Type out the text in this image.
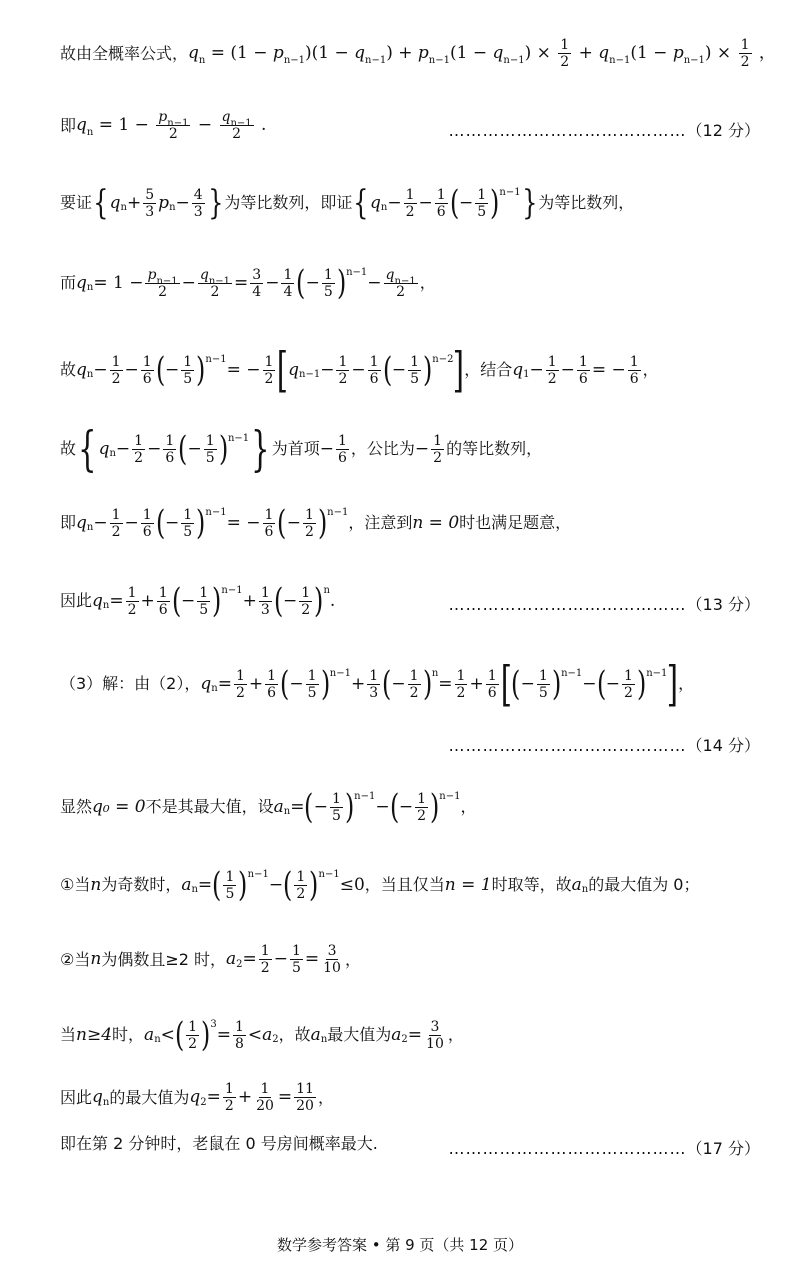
故由全概率公式， $q_n = (1 - p_{n-1})(1 - q_{n-1}) + p_{n-1}(1 - q_{n-1}) \times \frac{1}{2} + q_{n-1}(1 - p_{n-1}) \times \frac{1}{2}$ ，
即 $q_n = 1 - \frac{p_{n-1}}{2} - \frac{q_{n-1}}{2}$ .	……………………………………（12 分）
要证 { $q_n + \frac{5}{3} p_n - \frac{4}{3}$ } 为等比数列，即证 { $q_n - \frac{1}{2} - \frac{1}{6}$ ( − $\frac{1}{5} )^{n-1}$ } 为等比数列，
而 $q_n = 1 - \frac{p_{n-1}}{2} - \frac{q_{n-1}}{2} = \frac{3}{4} - \frac{1}{4}$ ( − $\frac{1}{5} )^{n-1} - \frac{q_{n-1}}{2}$ ，
故 $q_n - \frac{1}{2} - \frac{1}{6}$ ( − $\frac{1}{5} )^{n-1}$ = − $\frac{1}{2}$ [ $q_{n-1} - \frac{1}{2} - \frac{1}{6}$ ( − $\frac{1}{5} )^{n-2}$ ] ，结合 $q_1 - \frac{1}{2} - \frac{1}{6}$ = − $\frac{1}{6}$ ，
故 { $q_n - \frac{1}{2} - \frac{1}{6}$ ( − $\frac{1}{5} )^{n-1}$ } 为首项 − $\frac{1}{6}$ ，公比为 − $\frac{1}{2}$ 的等比数列，
即 $q_n - \frac{1}{2} - \frac{1}{6}$ ( − $\frac{1}{5} )^{n-1}$ = − $\frac{1}{6}$ ( − $\frac{1}{2} )^{n-1}$
，注意到 n = 0 时也满足题意，
因此 $q_n = \frac{1}{2} + \frac{1}{6}$ ( − $\frac{1}{5} )^{n-1} + \frac{1}{3}$ ( − $\frac{1}{2} )^n$ .	……………………………………（13 分）
（3）解：由（2）， $q_n = \frac{1}{2} + \frac{1}{6}$ ( − $\frac{1}{5} )^{n-1} + \frac{1}{3}$ ( − $\frac{1}{2} )^n = \frac{1}{2} + \frac{1}{6}$ [ ( − $\frac{1}{5} )^{n-1}$ − ( − $\frac{1}{2} )^{n-1}$ ] ，
……………………………………（14 分）
显然 q₀ = 0 不是其最大值，设 $a_n$ = ( − $\frac{1}{5} )^{n-1}$ − ( − $\frac{1}{2} )^{n-1}$
，
①当 n 为奇数时， $a_n$ = ( $\frac{1}{5} )^{n-1}$ − ( $\frac{1}{2} )^{n-1} \le 0$ ，当且仅当 n = 1 时取等，故 $a_n$ 的最大值为 0；
②当 n 为偶数且≥2 时， $a_2 = \frac{1}{2} - \frac{1}{5} = \frac{3}{10}$ ，
当 n≥4 时， $a_n$ < ( $\frac{1}{2} )^3 = \frac{1}{8} < a_2$ ，故 $a_n$ 最大值为 $a_2 = \frac{3}{10}$ ，
因此 $q_n$ 的最大值为 $q_2 = \frac{1}{2} + \frac{1}{20} = \frac{11}{20}$ ，
即在第 2 分钟时，老鼠在 0 号房间概率最大.	……………………………………（17 分）
数学参考答案 • 第 9 页（共 12 页）
